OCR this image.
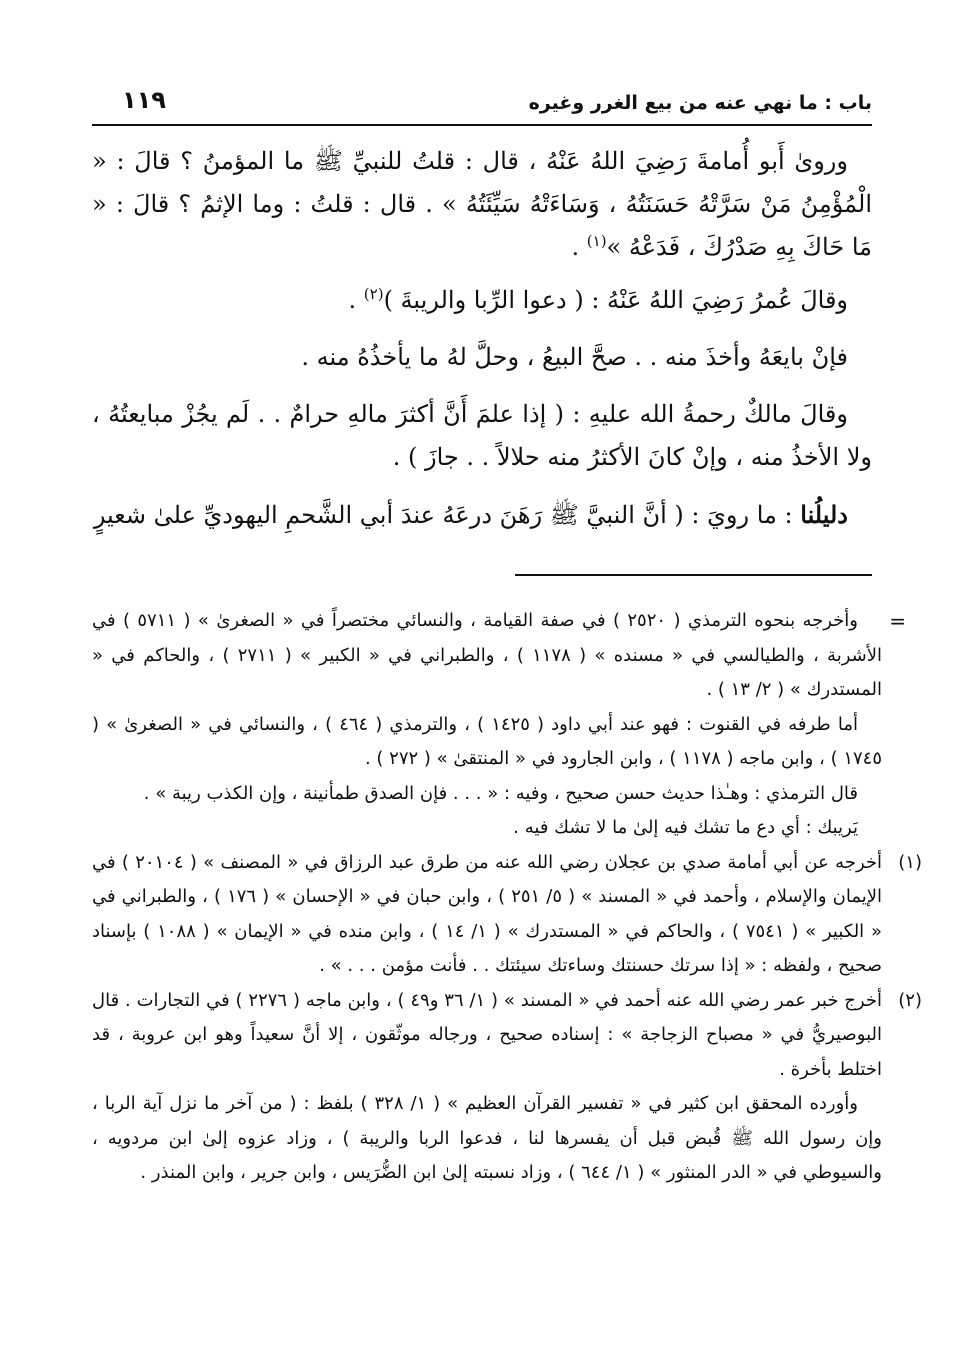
باب : ما نهي عنه من بيع الغرر وغيره
١١٩

ورو‌ىٰ أَبو أُمامةَ رَضِيَ اللهُ عَنْهُ ، قال : قلتُ للنبيِّ ﷺ ما المؤمنُ ؟ قالَ : « الْمُؤْمِنُ مَنْ سَرَّتْهُ حَسَنَتُهُ ، وَسَاءَتْهُ سَيِّئَتُهُ » . قال : قلتُ : وما الإثمُ ؟ قالَ : « مَا حَاكَ بِهِ صَدْرُكَ ، فَدَعْهُ »$^{(١)}$ .

وقالَ عُمرُ رَضِيَ اللهُ عَنْهُ : ( دعوا الرِّبا والريبةَ )$^{(٢)}$ .

فإنْ بايعَهُ وأخذَ منه . . صحَّ البيعُ ، وحلَّ لهُ ما يأخذُهُ منه .

وقالَ مالكٌ رحمةُ الله عليهِ : ( إذا علمَ أَنَّ أكثرَ مالهِ حرامٌ . . لَم يجُزْ مبايعتُهُ ، ولا الأخذُ منه ، وإنْ كانَ الأكثرُ منه حلالاً . . جازَ ) .

دليلُنا : ما رويَ : ( أنَّ النبيَّ ﷺ رَهَنَ درعَهُ عندَ أبي الشَّحمِ اليهوديِّ علىٰ شعيرٍ

=
وأخرجه بنحوه الترمذي ( ٢٥٢٠ ) في صفة القيامة ، والنسائي مختصراً في « الصغرىٰ » ( ٥٧١١ ) في الأشربة ، والطيالسي في « مسنده » ( ١١٧٨ ) ، والطبراني في « الكبير » ( ٢٧١١ ) ، والحاكم في « المستدرك » ( ٢/ ١٣ ) .
أما طرفه في القنوت : فهو عند أبي داود ( ١٤٢٥ ) ، والترمذي ( ٤٦٤ ) ، والنسائي في « الصغرىٰ » ( ١٧٤٥ ) ، وابن ماجه ( ١١٧٨ ) ، وابن الجارود في « المنتقىٰ » ( ٢٧٢ ) .
قال الترمذي : وهـٰذا حديث حسن صحيح ، وفيه : « . . . فإن الصدق طمأنينة ، وإن الكذب ريبة » .
يَريبك : أي دع ما تشك فيه إلىٰ ما لا تشك فيه .
(١)
أخرجه عن أبي أمامة صدي بن عجلان رضي الله عنه من طرق عبد الرزاق في « المصنف » ( ٢٠١٠٤ ) في الإيمان والإسلام ، وأحمد في « المسند » ( ٥/ ٢٥١ ) ، وابن حبان في « الإحسان » ( ١٧٦ ) ، والطبراني في « الكبير » ( ٧٥٤١ ) ، والحاكم في « المستدرك » ( ١/ ١٤ ) ، وابن منده في « الإيمان » ( ١٠٨٨ ) بإسناد صحيح ، ولفظه : « إذا سرتك حسنتك وساءتك سيئتك . . فأنت مؤمن . . . » .
(٢)
أخرج خبر عمر رضي الله عنه أحمد في « المسند » ( ١/ ٣٦ و٤٩ ) ، وابن ماجه ( ٢٢٧٦ ) في التجارات . قال البوصيريُّ في « مصباح الزجاجة » : إسناده صحيح ، ورجاله موثّقون ، إلا أنَّ سعيداً وهو ابن عروبة ، قد اختلط بأخرة .
وأورده المحقق ابن كثير في « تفسير القرآن العظيم » ( ١/ ٣٢٨ ) بلفظ : ( من آخر ما نزل آية الربا ، وإن رسول الله ﷺ قُبض قبل أن يفسرها لنا ، فدعوا الربا والريبة ) ، وزاد عزوه إلىٰ ابن مردويه ، والسيوطي في « الدر المنثور » ( ١/ ٦٤٤ ) ، وزاد نسبته إلىٰ ابن الضُّرَيس ، وابن جرير ، وابن المنذر .
